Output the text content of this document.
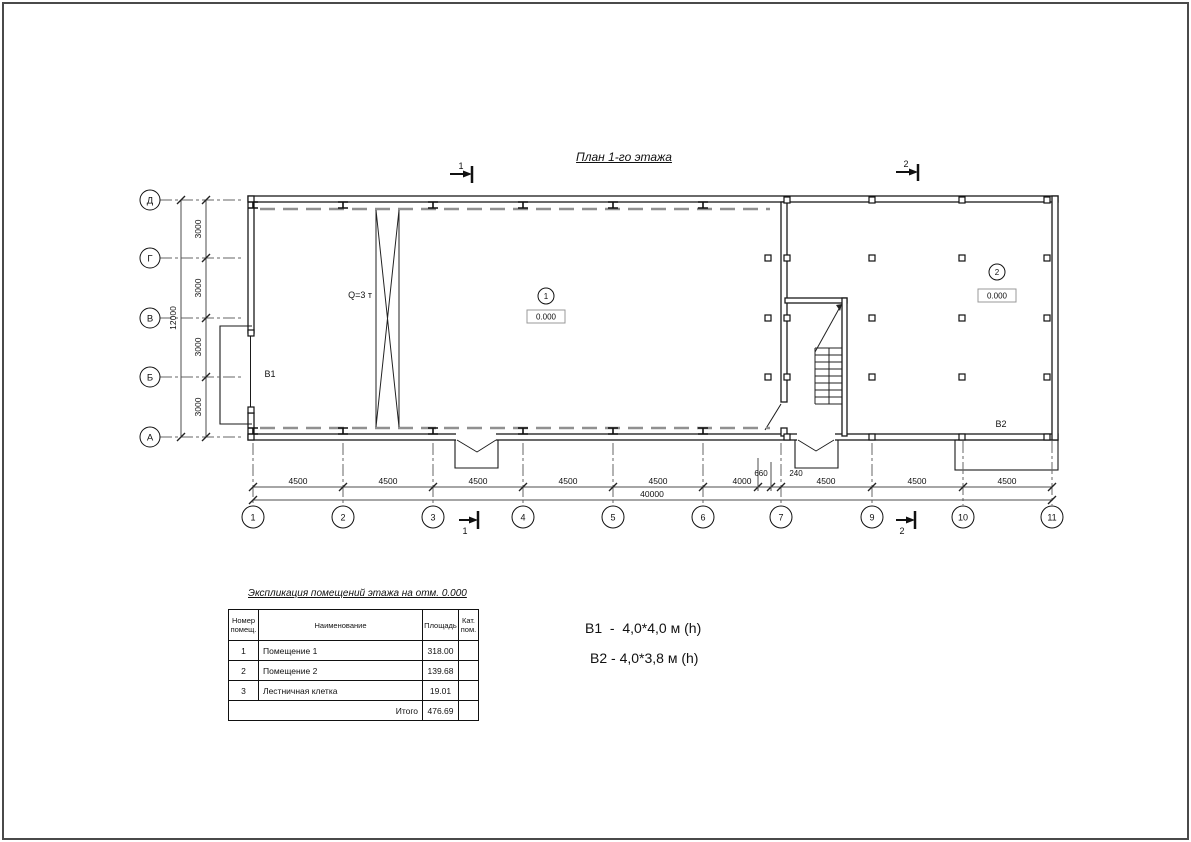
Q=3 т
4500	4500	4500	4500	4500	4000
660	240
4500	4500	4500
40000
3000
3000
3000
3000
12000
1	2	3	4	5	6	7	9	10	11
Д
Г
В
Б
А
1	2
1	2
1
0.000
2
0.000
В1
В2
План 1-го этажа
Экспликация помещений этажа на отм. 0.000
Номер помещ.	Наименование	Площадь	Кат. пом.
1	Помещение 1	318.00	
2	Помещение 2	139.68	
3	Лестничная клетка	19.01	
Итого		476.69	
В1  -  4,0*4,0 м (h)
В2 - 4,0*3,8 м (h)
